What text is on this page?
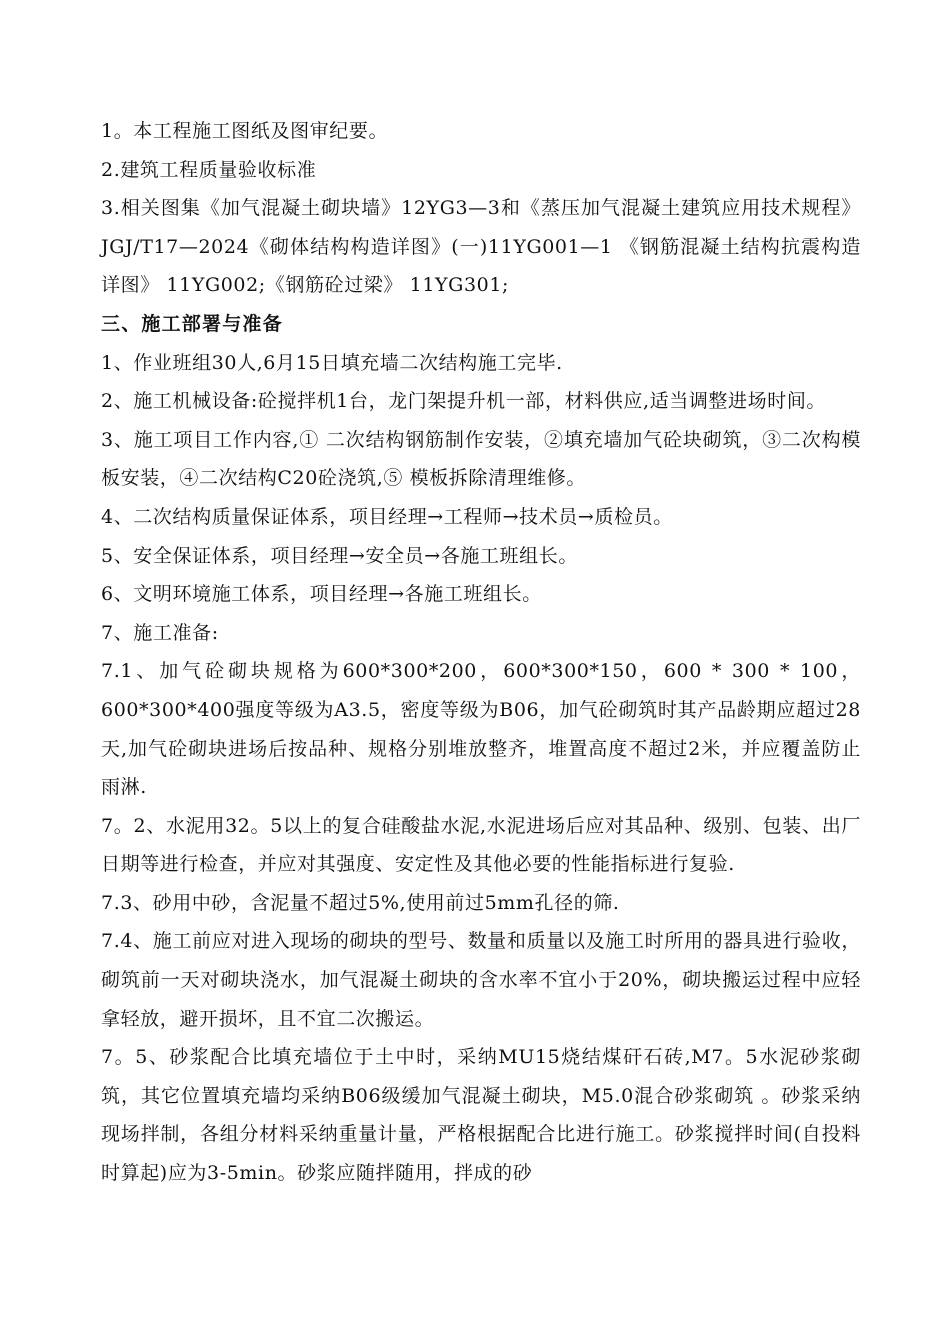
1。本工程施工图纸及图审纪要。

2.建筑工程质量验收标准

3.相关图集《加气混凝土砌块墙》12YG3—3和《蒸压加气混凝土建筑应用技术规程》JGJ/T17—2024《砌体结构构造详图》(一)11YG001—1 《钢筋混凝土结构抗震构造详图》 11YG002;《钢筋砼过梁》 11YG301;

三、施工部署与准备

1、作业班组30人,6月15日填充墙二次结构施工完毕.

2、施工机械设备:砼搅拌机1台，龙门架提升机一部，材料供应,适当调整进场时间。

3、施工项目工作内容,① 二次结构钢筋制作安装，②填充墙加气砼块砌筑，③二次构模板安装，④二次结构C20砼浇筑,⑤ 模板拆除清理维修。

4、二次结构质量保证体系，项目经理→工程师→技术员→质检员。

5、安全保证体系，项目经理→安全员→各施工班组长。

6、文明环境施工体系，项目经理→各施工班组长。

7、施工准备:

7.1、加气砼砌块规格为600*300*200，600*300*150，600 * 300 * 100，600*300*400强度等级为A3.5，密度等级为B06，加气砼砌筑时其产品龄期应超过28天,加气砼砌块进场后按品种、规格分别堆放整齐，堆置高度不超过2米，并应覆盖防止雨淋.

7。2、水泥用32。5以上的复合硅酸盐水泥,水泥进场后应对其品种、级别、包装、出厂日期等进行检查，并应对其强度、安定性及其他必要的性能指标进行复验.

7.3、砂用中砂，含泥量不超过5%,使用前过5mm孔径的筛.

7.4、施工前应对进入现场的砌块的型号、数量和质量以及施工时所用的器具进行验收，砌筑前一天对砌块浇水，加气混凝土砌块的含水率不宜小于20%，砌块搬运过程中应轻拿轻放，避开损坏，且不宜二次搬运。

7。5、砂浆配合比填充墙位于土中时，采纳MU15烧结煤矸石砖,M7。5水泥砂浆砌筑，其它位置填充墙均采纳B06级缓加气混凝土砌块，M5.0混合砂浆砌筑 。砂浆采纳现场拌制，各组分材料采纳重量计量，严格根据配合比进行施工。砂浆搅拌时间(自投料时算起)应为3-5min。砂浆应随拌随用，拌成的砂
